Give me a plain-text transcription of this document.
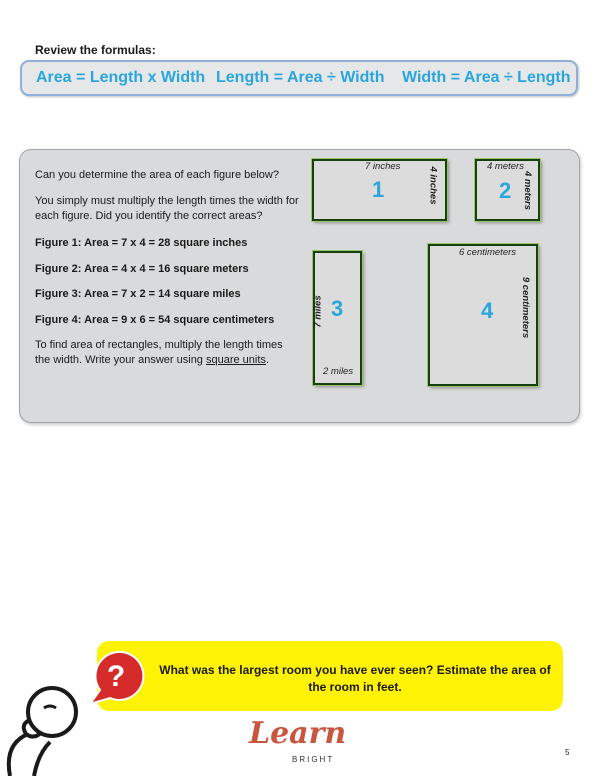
Review the formulas:
Area = Length x Width Length = Area ÷ Width Width = Area ÷ Length
Can you determine the area of each figure below?
You simply must multiply the length times the width for each figure. Did you identify the correct areas?
Figure 1: Area = 7 x 4 = 28 square inches
Figure 2: Area = 4 x 4 = 16 square meters
Figure 3: Area = 7 x 2 = 14 square miles
Figure 4: Area = 9 x 6 = 54 square centimeters
To find area of rectangles, multiply the length times the width. Write your answer using square units.
7 inches
1	4 inches	4 meters
2 4 meters
7 miles 3
2 miles
6 centimeters
4	9 centimeters
What was the largest room you have ever seen? Estimate the area of the room in feet.
?
Learn
BRIGHT
5
